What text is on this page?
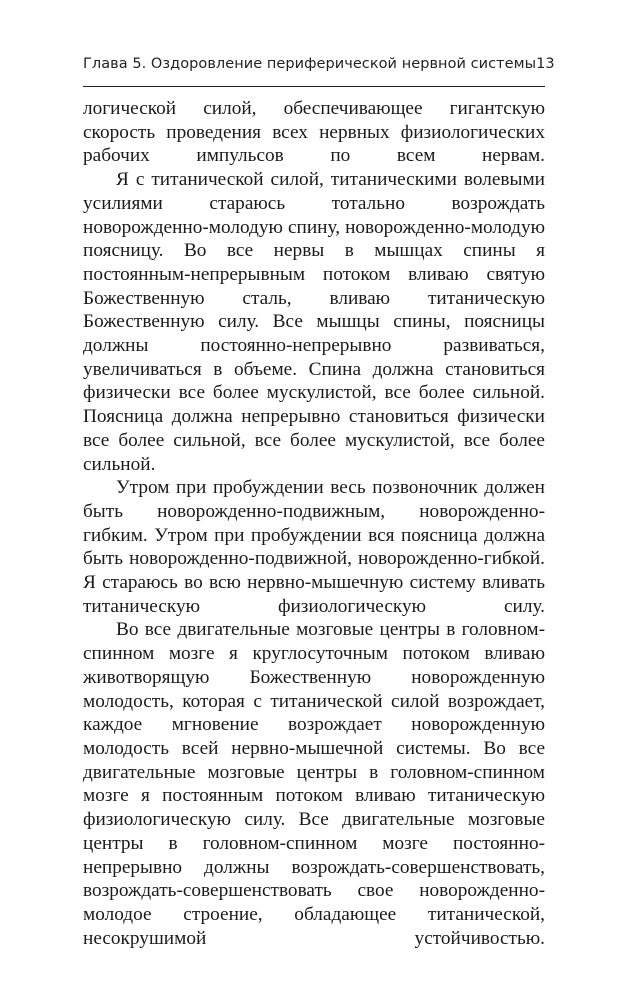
Глава 5. Оздоровление периферической нервной системы 13

логической силой, обеспечивающее гигантскую скорость проведения всех нервных физиологических рабочих импульсов по всем нервам.

Я с титанической силой, титаническими волевыми усилиями стараюсь тотально возрождать новорожденно-молодую спину, новорожденно-молодую поясницу. Во все нервы в мышцах спины я постоянным-непрерывным потоком вливаю святую Божественную сталь, вливаю титаническую Божественную силу. Все мышцы спины, поясницы должны постоянно-непрерывно развиваться, увеличиваться в объеме. Спина должна становиться физически все более мускулистой, все более сильной. Поясница должна непрерывно становиться физически все более сильной, все более мускулистой, все более сильной.

Утром при пробуждении весь позвоночник должен быть новорожденно-подвижным, новорожденно-гибким. Утром при пробуждении вся поясница должна быть новорожденно-подвижной, новорожденно-гибкой. Я стараюсь во всю нервно-мышечную систему вливать титаническую физиологическую силу.

Во все двигательные мозговые центры в головном-спинном мозге я круглосуточным потоком вливаю животворящую Божественную новорожденную молодость, которая с титанической силой возрождает, каждое мгновение возрождает новорожденную молодость всей нервно-мышечной системы. Во все двигательные мозговые центры в головном-спинном мозге я постоянным потоком вливаю титаническую физиологическую силу. Все двигательные мозговые центры в головном-спинном мозге постоянно-непрерывно должны возрождать-совершенствовать, возрождать-совершенствовать свое новорожденно-молодое строение, обладающее титанической, несокрушимой устойчивостью.
